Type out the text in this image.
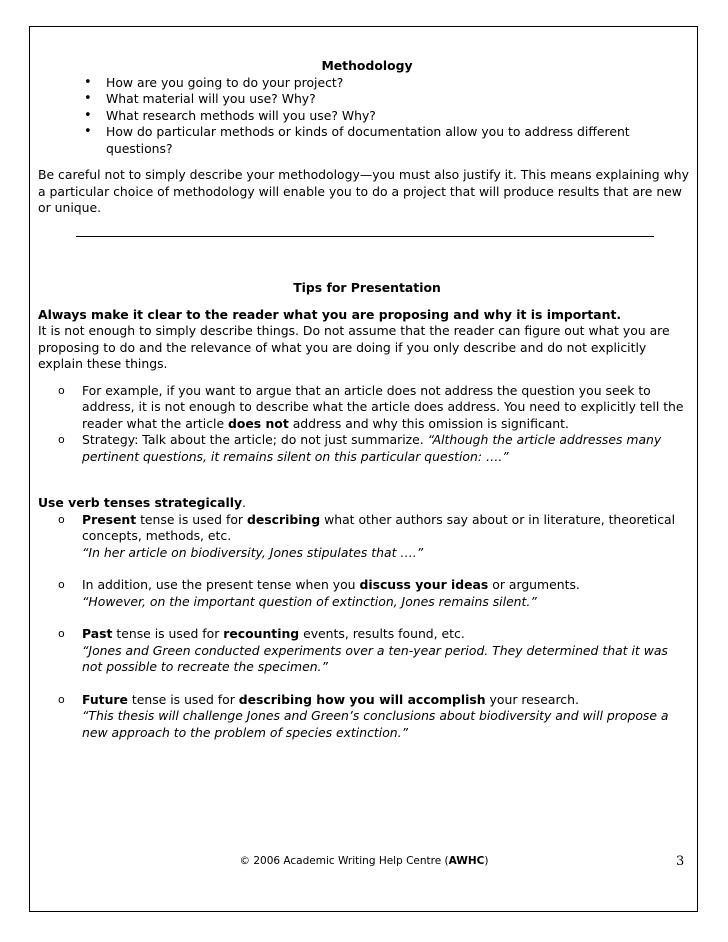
Methodology

• How are you going to do your project?
• What material will you use? Why?
• What research methods will you use? Why?
• How do particular methods or kinds of documentation allow you to address different questions?

Be careful not to simply describe your methodology—you must also justify it. This means explaining why a particular choice of methodology will enable you to do a project that will produce results that are new or unique.

Tips for Presentation

Always make it clear to the reader what you are proposing and why it is important.

It is not enough to simply describe things. Do not assume that the reader can figure out what you are proposing to do and the relevance of what you are doing if you only describe and do not explicitly explain these things.

o For example, if you want to argue that an article does not address the question you seek to address, it is not enough to describe what the article does address. You need to explicitly tell the reader what the article does not address and why this omission is significant.
o Strategy: Talk about the article; do not just summarize. “Although the article addresses many pertinent questions, it remains silent on this particular question: ….”

Use verb tenses strategically.

o Present tense is used for describing what other authors say about or in literature, theoretical concepts, methods, etc.
“In her article on biodiversity, Jones stipulates that ….”
o In addition, use the present tense when you discuss your ideas or arguments.
“However, on the important question of extinction, Jones remains silent.”
o Past tense is used for recounting events, results found, etc.
“Jones and Green conducted experiments over a ten-year period. They determined that it was not possible to recreate the specimen.”
o Future tense is used for describing how you will accomplish your research.
“This thesis will challenge Jones and Green’s conclusions about biodiversity and will propose a new approach to the problem of species extinction.”
© 2006 Academic Writing Help Centre (AWHC)	3
